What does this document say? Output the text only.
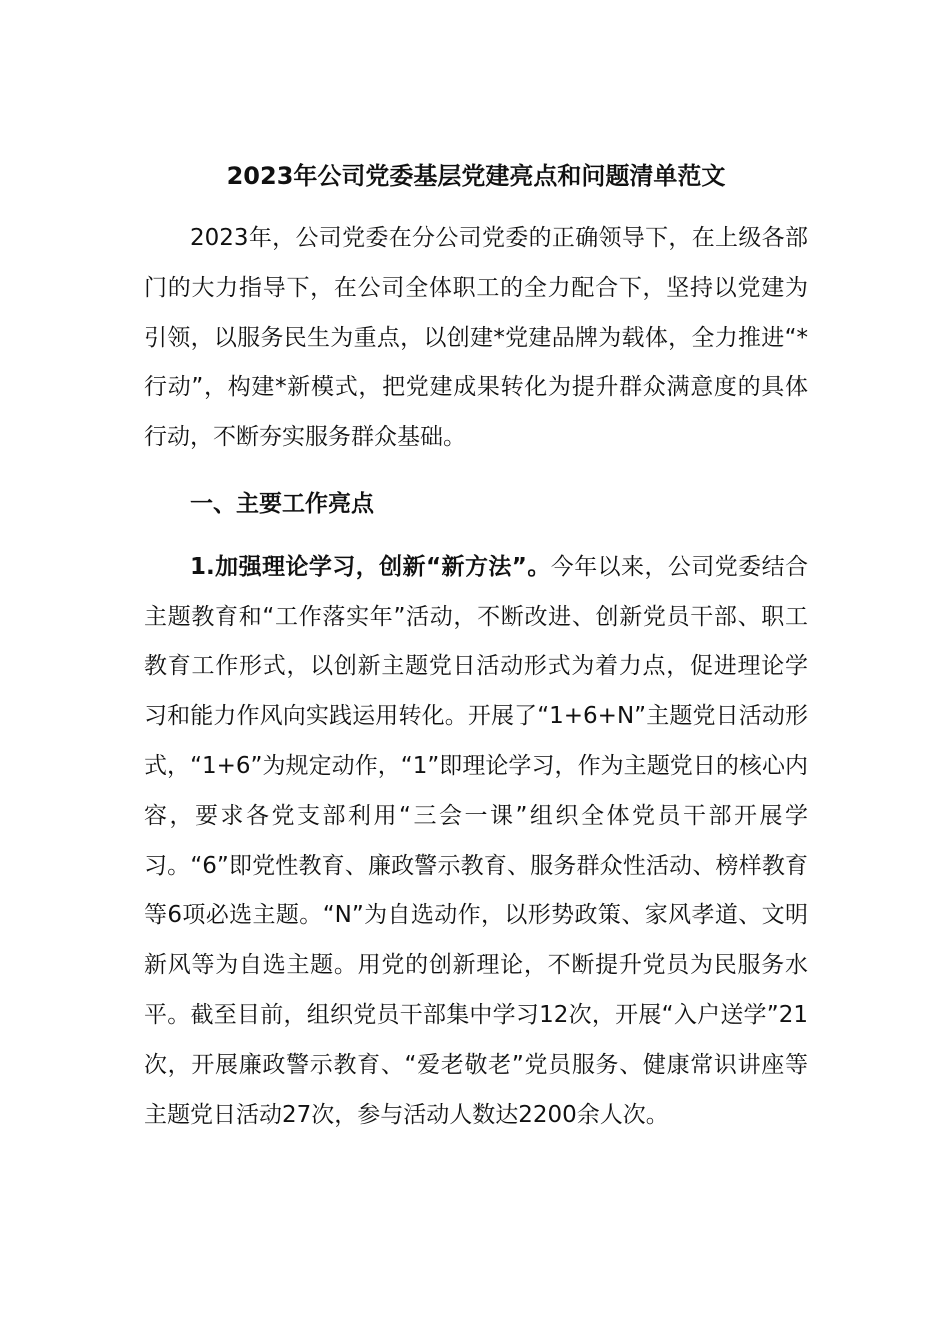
2023年公司党委基层党建亮点和问题清单范文

2023年，公司党委在分公司党委的正确领导下，在上级各部门的大力指导下，在公司全体职工的全力配合下，坚持以党建为引领，以服务民生为重点，以创建*党建品牌为载体，全力推进“*行动”，构建*新模式，把党建成果转化为提升群众满意度的具体行动，不断夯实服务群众基础。

一、主要工作亮点

1.加强理论学习，创新“新方法”。今年以来，公司党委结合主题教育和“工作落实年”活动，不断改进、创新党员干部、职工教育工作形式，以创新主题党日活动形式为着力点，促进理论学习和能力作风向实践运用转化。开展了“1+6+N”主题党日活动形式，“1+6”为规定动作，“1”即理论学习，作为主题党日的核心内容，要求各党支部利用“三会一课”组织全体党员干部开展学习。“6”即党性教育、廉政警示教育、服务群众性活动、榜样教育等6项必选主题。“N”为自选动作，以形势政策、家风孝道、文明新风等为自选主题。用党的创新理论，不断提升党员为民服务水平。截至目前，组织党员干部集中学习12次，开展“入户送学”21次，开展廉政警示教育、“爱老敬老”党员服务、健康常识讲座等主题党日活动27次，参与活动人数达2200余人次。
